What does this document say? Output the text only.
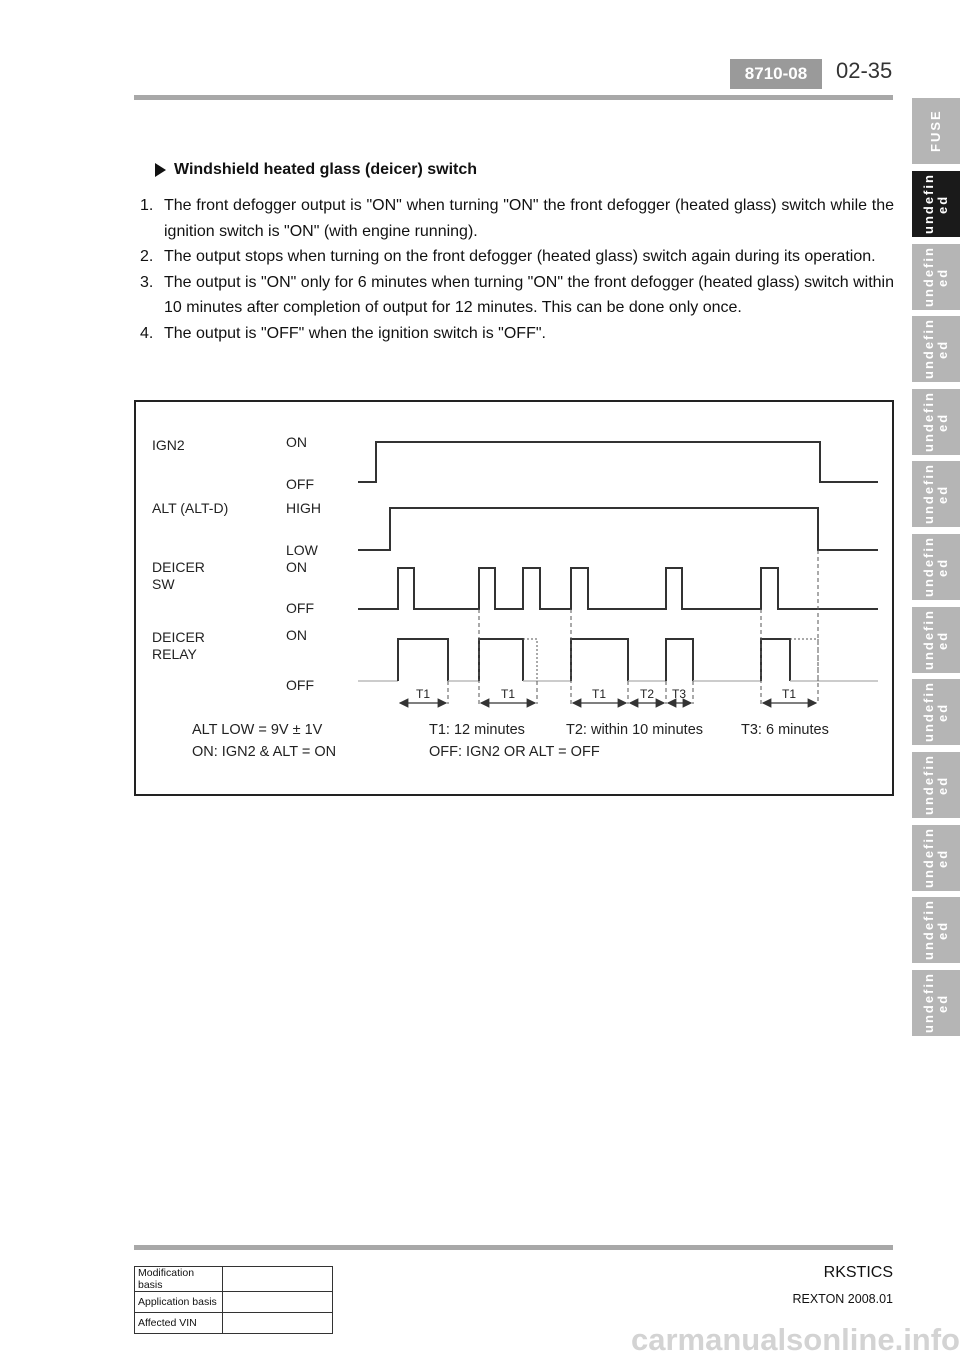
8710-08	02-35
FUSE
undefin ed
undefin ed
undefin ed
undefin ed
undefin ed
undefin ed
undefin ed
undefin ed
undefin ed
undefin ed
undefin ed
undefin ed
Windshield heated glass (deicer) switch
1. The front defogger output is "ON" when turning "ON" the front defogger (heated glass) switch while the ignition switch is "ON" (with engine running).
2. The output stops when turning on the front defogger (heated glass) switch again during its operation.
3. The output is "ON" only for 6 minutes when turning "ON" the front defogger (heated glass) switch within 10 minutes after completion of output for 12 minutes. This can be done only once.
4. The output is "OFF" when the ignition switch is "OFF".
T1	T1	T1	T2 T3	T1
IGN2
ALT (ALT-D)
DEICER
SW
DEICER
RELAY
ON
OFF
HIGH
LOW
ON
OFF
ON
OFF
ALT LOW = 9V ± 1V
ON: IGN2 & ALT = ON
T1: 12 minutes	T2: within 10 minutes	T3: 6 minutes
OFF: IGN2 OR ALT = OFF
RKSTICS
REXTON 2008.01
Modification basis	
Application basis	
Affected VIN		carmanualsonline.info
